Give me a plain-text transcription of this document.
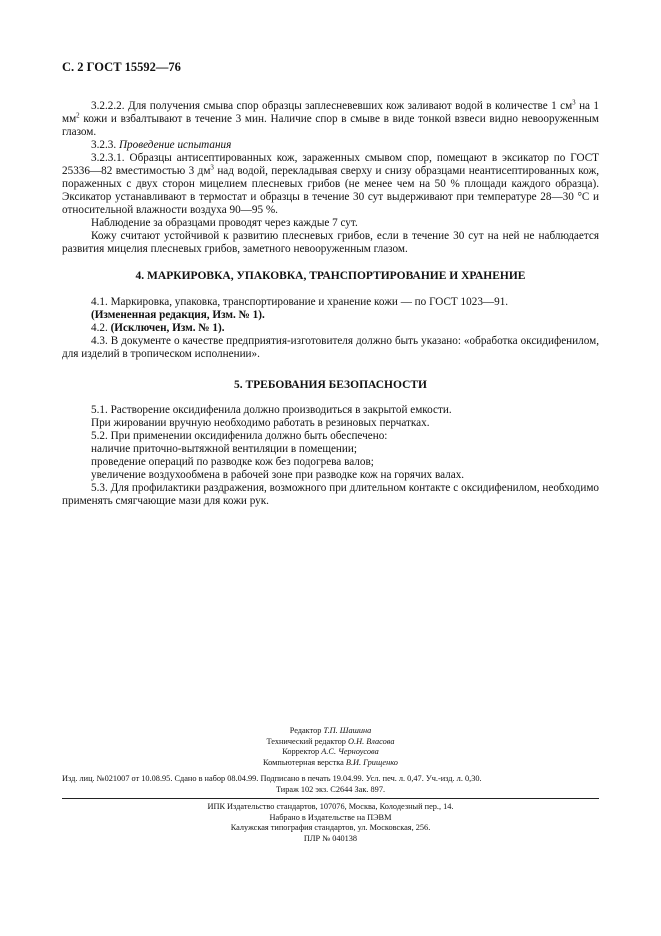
С. 2 ГОСТ 15592—76

3.2.2.2. Для получения смыва спор образцы заплесневевших кож заливают водой в количестве 1 $см^3$ на 1 $мм^2$ кожи и взбалтывают в течение 3 мин. Наличие спор в смыве в виде тонкой взвеси видно невооруженным глазом.

3.2.3. Проведение испытания

3.2.3.1. Образцы антисептированных кож, зараженных смывом спор, помещают в эксикатор по ГОСТ 25336—82 вместимостью 3 $дм^3$ над водой, перекладывая сверху и снизу образцами неантисептированных кож, пораженных с двух сторон мицелием плесневых грибов (не менее чем на 50 % площади каждого образца). Эксикатор устанавливают в термостат и образцы в течение 30 сут выдерживают при температуре 28—30 °С и относительной влажности воздуха 90—95 %.

Наблюдение за образцами проводят через каждые 7 сут.

Кожу считают устойчивой к развитию плесневых грибов, если в течение 30 сут на ней не наблюдается развития мицелия плесневых грибов, заметного невооруженным глазом.

4. МАРКИРОВКА, УПАКОВКА, ТРАНСПОРТИРОВАНИЕ И ХРАНЕНИЕ

4.1. Маркировка, упаковка, транспортирование и хранение кожи — по ГОСТ 1023—91.

(Измененная редакция, Изм. № 1).

4.2. (Исключен, Изм. № 1).

4.3. В документе о качестве предприятия-изготовителя должно быть указано: «обработка оксидифенилом, для изделий в тропическом исполнении».

5. ТРЕБОВАНИЯ БЕЗОПАСНОСТИ

5.1. Растворение оксидифенила должно производиться в закрытой емкости.

При жировании вручную необходимо работать в резиновых перчатках.

5.2. При применении оксидифенила должно быть обеспечено:

наличие приточно-вытяжной вентиляции в помещении;

проведение операций по разводке кож без подогрева валов;

увеличение воздухообмена в рабочей зоне при разводке кож на горячих валах.

5.3. Для профилактики раздражения, возможного при длительном контакте с оксидифенилом, необходимо применять смягчающие мази для кожи рук.

Редактор Т.П. Шашина
Технический редактор О.Н. Власова
Корректор А.С. Черноусова
Компьютерная верстка В.И. Грищенко
Изд. лиц. №021007 от 10.08.95. Сдано в набор 08.04.99. Подписано в печать 19.04.99. Усл. печ. л. 0,47. Уч.-изд. л. 0,30.
Тираж 102 экз. С2644 Зак. 897.
ИПК Издательство стандартов, 107076, Москва, Колодезный пер., 14.
Набрано в Издательстве на ПЭВМ
Калужская типография стандартов, ул. Московская, 256.
ПЛР № 040138
